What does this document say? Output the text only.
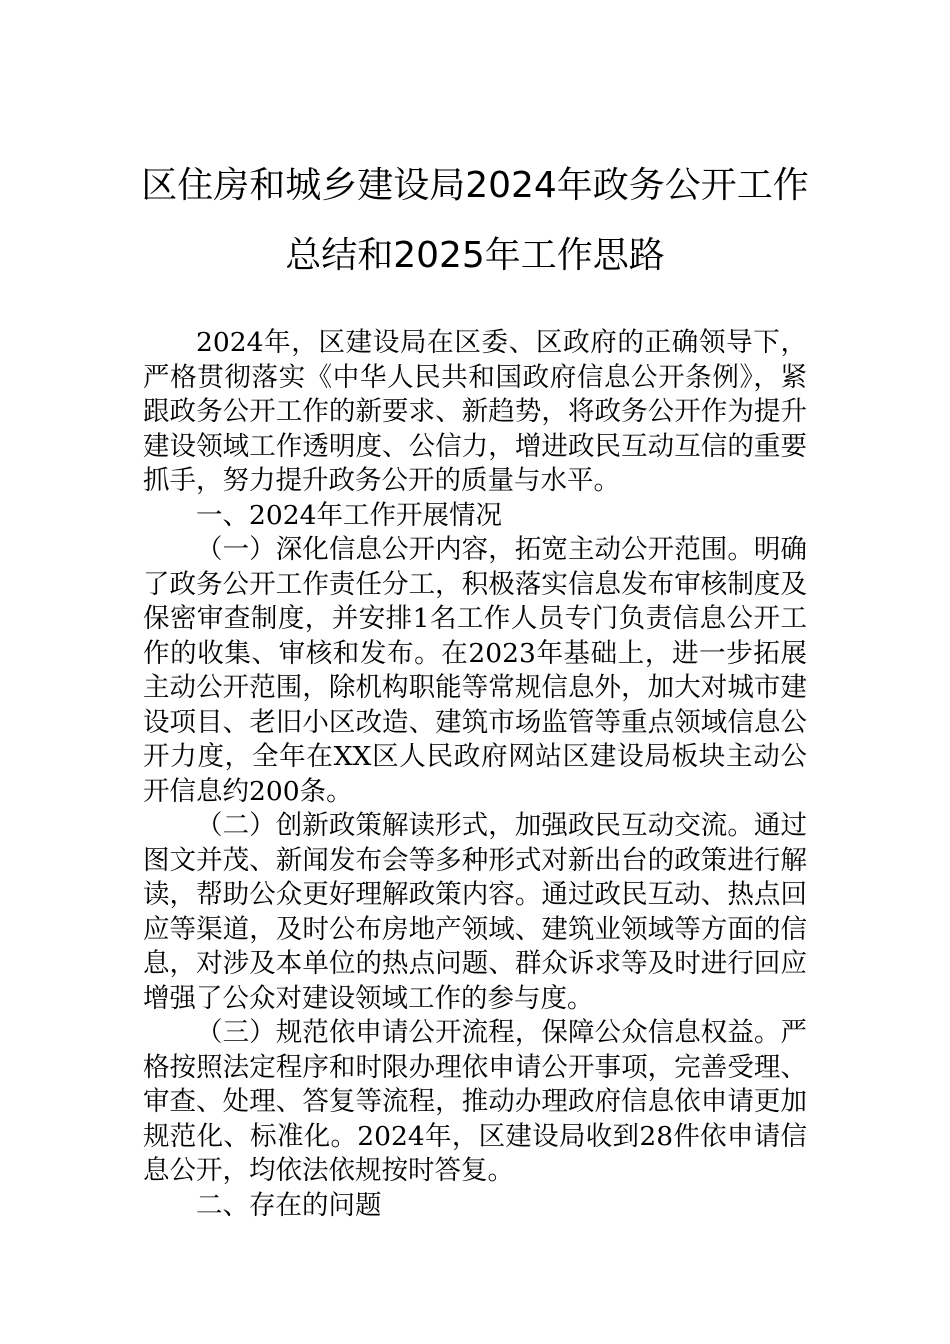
区住房和城乡建设局2024年政务公开工作
总结和2025年工作思路

2024年，区建设局在区委、区政府的正确领导下，严格贯彻落实《中华人民共和国政府信息公开条例》，紧跟政务公开工作的新要求、新趋势，将政务公开作为提升建设领域工作透明度、公信力，增进政民互动互信的重要抓手，努力提升政务公开的质量与水平。

一、2024年工作开展情况

（一）深化信息公开内容，拓宽主动公开范围。明确了政务公开工作责任分工，积极落实信息发布审核制度及保密审查制度，并安排1名工作人员专门负责信息公开工作的收集、审核和发布。在2023年基础上，进一步拓展主动公开范围，除机构职能等常规信息外，加大对城市建设项目、老旧小区改造、建筑市场监管等重点领域信息公开力度，全年在XX区人民政府网站区建设局板块主动公开信息约200条。

（二）创新政策解读形式，加强政民互动交流。通过图文并茂、新闻发布会等多种形式对新出台的政策进行解读，帮助公众更好理解政策内容。通过政民互动、热点回应等渠道，及时公布房地产领域、建筑业领域等方面的信息，对涉及本单位的热点问题、群众诉求等及时进行回应增强了公众对建设领域工作的参与度。

（三）规范依申请公开流程，保障公众信息权益。严格按照法定程序和时限办理依申请公开事项，完善受理、审查、处理、答复等流程，推动办理政府信息依申请更加规范化、标准化。2024年，区建设局收到28件依申请信息公开，均依法依规按时答复。

二、存在的问题
